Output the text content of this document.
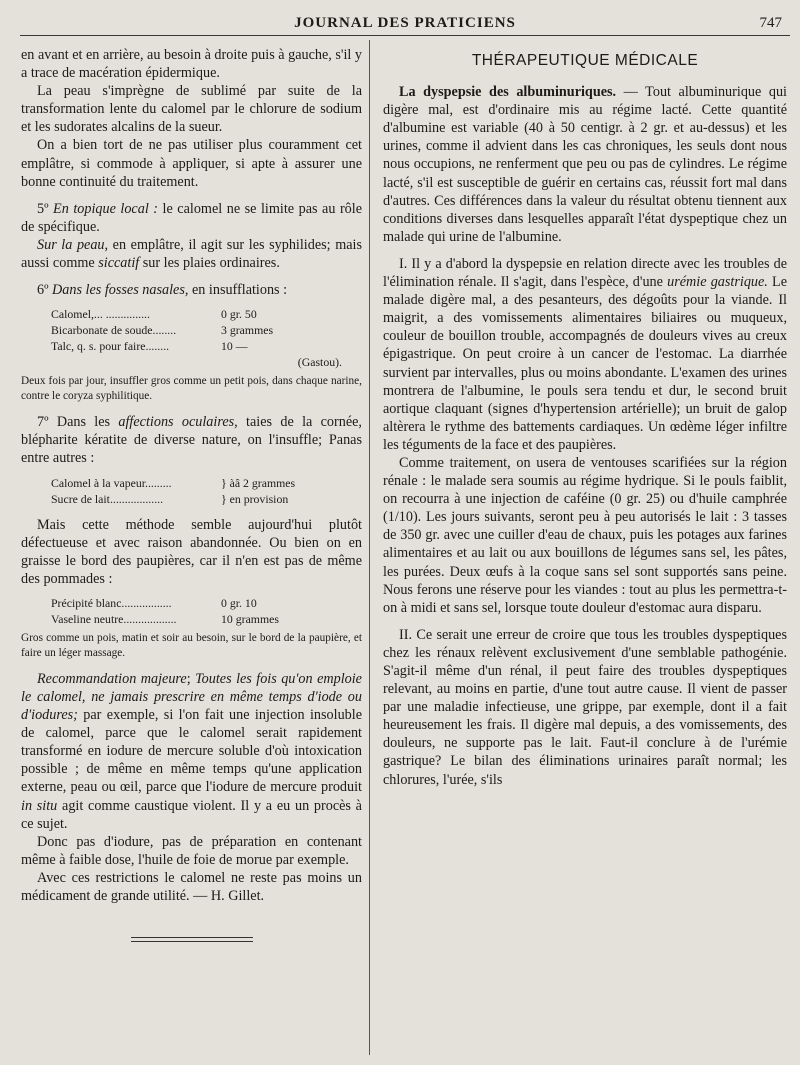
JOURNAL DES PRATICIENS	747

en avant et en arrière, au besoin à droite puis à gauche, s'il y a trace de macération épidermique.

La peau s'imprègne de sublimé par suite de la transformation lente du calomel par le chlorure de sodium et les sudorates alcalins de la sueur.

On a bien tort de ne pas utiliser plus couramment cet emplâtre, si commode à appliquer, si apte à assurer une bonne continuité du traitement.

5º En topique local : le calomel ne se limite pas au rôle de spécifique.

Sur la peau, en emplâtre, il agit sur les syphilides; mais aussi comme siccatif sur les plaies ordinaires.

6º Dans les fosses nasales, en insufflations :

Calomel,... ...............	0 gr. 50
Bicarbonate de soude........	3 grammes
Talc, q. s. pour faire........	10 —
(Gastou).

Deux fois par jour, insuffler gros comme un petit pois, dans chaque narine, contre le coryza syphilitique.

7º Dans les affections oculaires, taies de la cornée, blépharite kératite de diverse nature, on l'insuffle; Panas entre autres :

Calomel à la vapeur.........	} àâ 2 grammes
Sucre de lait..................	} en provision

Mais cette méthode semble aujourd'hui plutôt défectueuse et avec raison abandonnée. Ou bien on en graisse le bord des paupières, car il n'en est pas de même des pommades :

Précipité blanc.................	0 gr. 10
Vaseline neutre..................	10 grammes

Gros comme un pois, matin et soir au besoin, sur le bord de la paupière, et faire un léger massage.

Recommandation majeure; Toutes les fois qu'on emploie le calomel, ne jamais prescrire en même temps d'iode ou d'iodures; par exemple, si l'on fait une injection insoluble de calomel, parce que le calomel serait rapidement transformé en iodure de mercure soluble d'où intoxication possible ; de même en même temps qu'une application externe, peau ou œil, parce que l'iodure de mercure produit in situ agit comme caustique violent. Il y a eu un procès à ce sujet.

Donc pas d'iodure, pas de préparation en contenant même à faible dose, l'huile de foie de morue par exemple.

Avec ces restrictions le calomel ne reste pas moins un médicament de grande utilité. — H. Gillet.

THÉRAPEUTIQUE MÉDICALE

La dyspepsie des albuminuriques. — Tout albuminurique qui digère mal, est d'ordinaire mis au régime lacté. Cette quantité d'albumine est variable (40 à 50 centigr. à 2 gr. et au-dessus) et les urines, comme il advient dans les cas chroniques, les seuls dont nous nous occupions, ne renferment que peu ou pas de cylindres. Le régime lacté, s'il est susceptible de guérir en certains cas, réussit fort mal dans d'autres. Ces différences dans la valeur du résultat obtenu tiennent aux conditions diverses dans lesquelles apparaît l'état dyspeptique chez un malade qui urine de l'albumine.

I. Il y a d'abord la dyspepsie en relation directe avec les troubles de l'élimination rénale. Il s'agit, dans l'espèce, d'une urémie gastrique. Le malade digère mal, a des pesanteurs, des dégoûts pour la viande. Il maigrit, a des vomissements alimentaires biliaires ou muqueux, couleur de bouillon trouble, accompagnés de douleurs vives au creux épigastrique. On peut croire à un cancer de l'estomac. La diarrhée survient par intervalles, plus ou moins abondante. L'examen des urines montrera de l'albumine, le pouls sera tendu et dur, le second bruit aortique claquant (signes d'hypertension artérielle); un bruit de galop altèrera le rythme des battements cardiaques. Un œdème léger infiltre les téguments de la face et des paupières.

Comme traitement, on usera de ventouses scarifiées sur la région rénale : le malade sera soumis au régime hydrique. Si le pouls faiblit, on recourra à une injection de caféine (0 gr. 25) ou d'huile camphrée (1/10). Les jours suivants, seront peu à peu autorisés le lait : 3 tasses de 350 gr. avec une cuiller d'eau de chaux, puis les potages aux farines alimentaires et au lait ou aux bouillons de légumes sans sel, les pâtes, les purées. Deux œufs à la coque sans sel sont supportés sans peine. Nous ferons une réserve pour les viandes : tout au plus les permettra-t-on à midi et sans sel, lorsque toute douleur d'estomac aura disparu.

II. Ce serait une erreur de croire que tous les troubles dyspeptiques chez les rénaux relèvent exclusivement d'une semblable pathogénie. S'agit-il même d'un rénal, il peut faire des troubles dyspeptiques relevant, au moins en partie, d'une tout autre cause. Il vient de passer par une maladie infectieuse, une grippe, par exemple, dont il a fait heureusement les frais. Il digère mal depuis, a des vomissements, des douleurs, ne supporte pas le lait. Faut-il conclure à de l'urémie gastrique? Le bilan des éliminations urinaires paraît normal; les chlorures, l'urée, s'ils
